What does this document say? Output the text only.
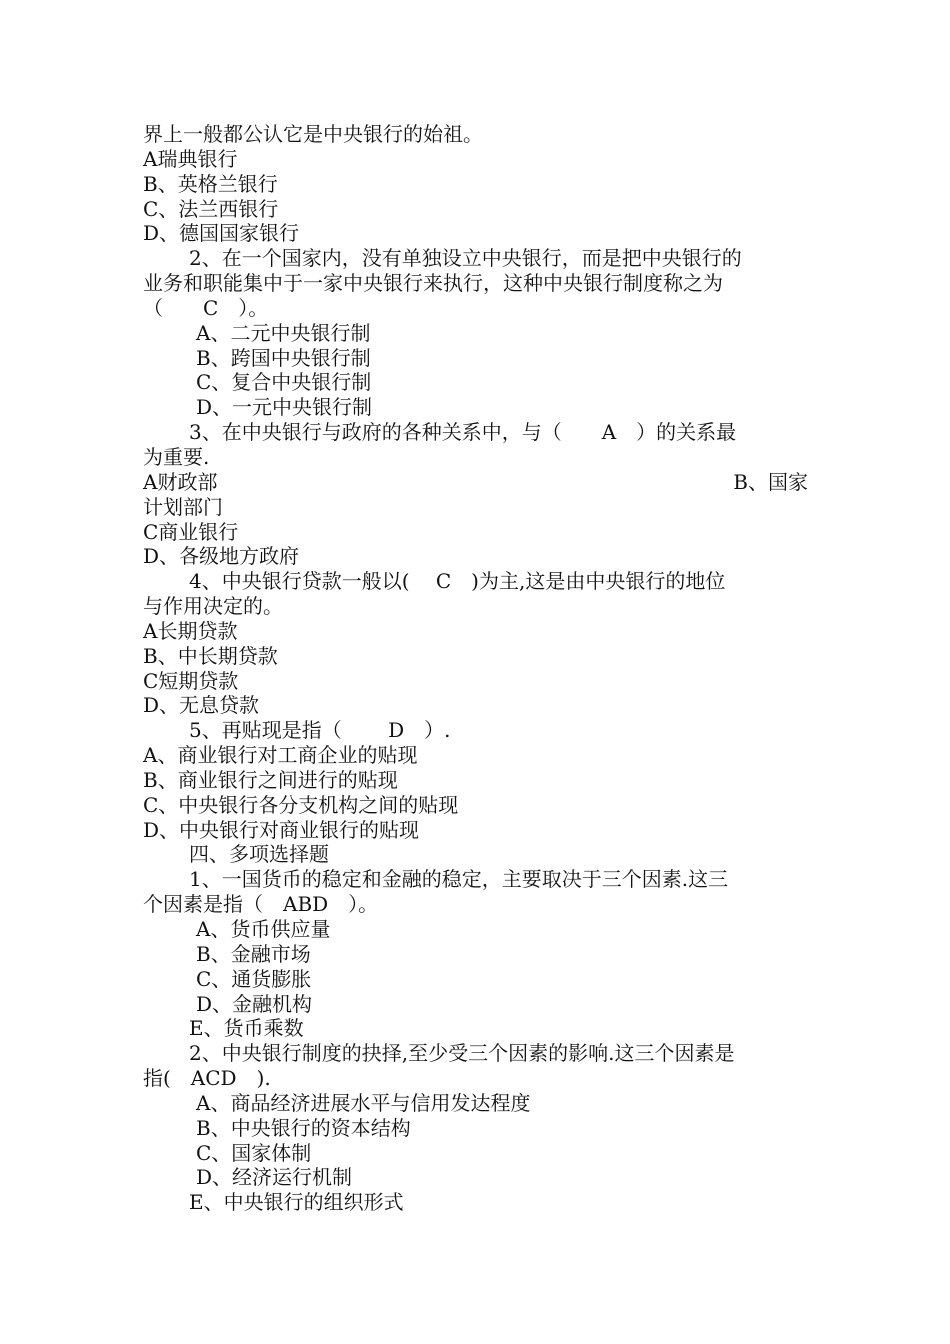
界上一般都公认它是中央银行的始祖。
A瑞典银行
B、英格兰银行
C、法兰西银行
D、德国国家银行
2、在一个国家内，没有单独设立中央银行，而是把中央银行的
业务和职能集中于一家中央银行来执行，这种中央银行制度称之为
（　　C　）。
A、二元中央银行制
B、跨国中央银行制
C、复合中央银行制
D、一元中央银行制
3、在中央银行与政府的各种关系中，与（　　A　）的关系最
为重要.
A财政部	B、国家
计划部门
C商业银行
D、各级地方政府
4、中央银行贷款一般以(　 C　)为主,这是由中央银行的地位
与作用决定的。
A长期贷款
B、中长期贷款
C短期贷款
D、无息贷款
5、再贴现是指（　　 D　）.
A、商业银行对工商企业的贴现
B、商业银行之间进行的贴现
C、中央银行各分支机构之间的贴现
D、中央银行对商业银行的贴现
四、多项选择题
1、一国货币的稳定和金融的稳定，主要取决于三个因素.这三
个因素是指（　ABD　）。
A、货币供应量
B、金融市场
C、通货膨胀
D、金融机构
E、货币乘数
2、中央银行制度的抉择,至少受三个因素的影响.这三个因素是
指(　ACD　).
A、商品经济进展水平与信用发达程度
B、中央银行的资本结构
C、国家体制
D、经济运行机制
E、中央银行的组织形式
